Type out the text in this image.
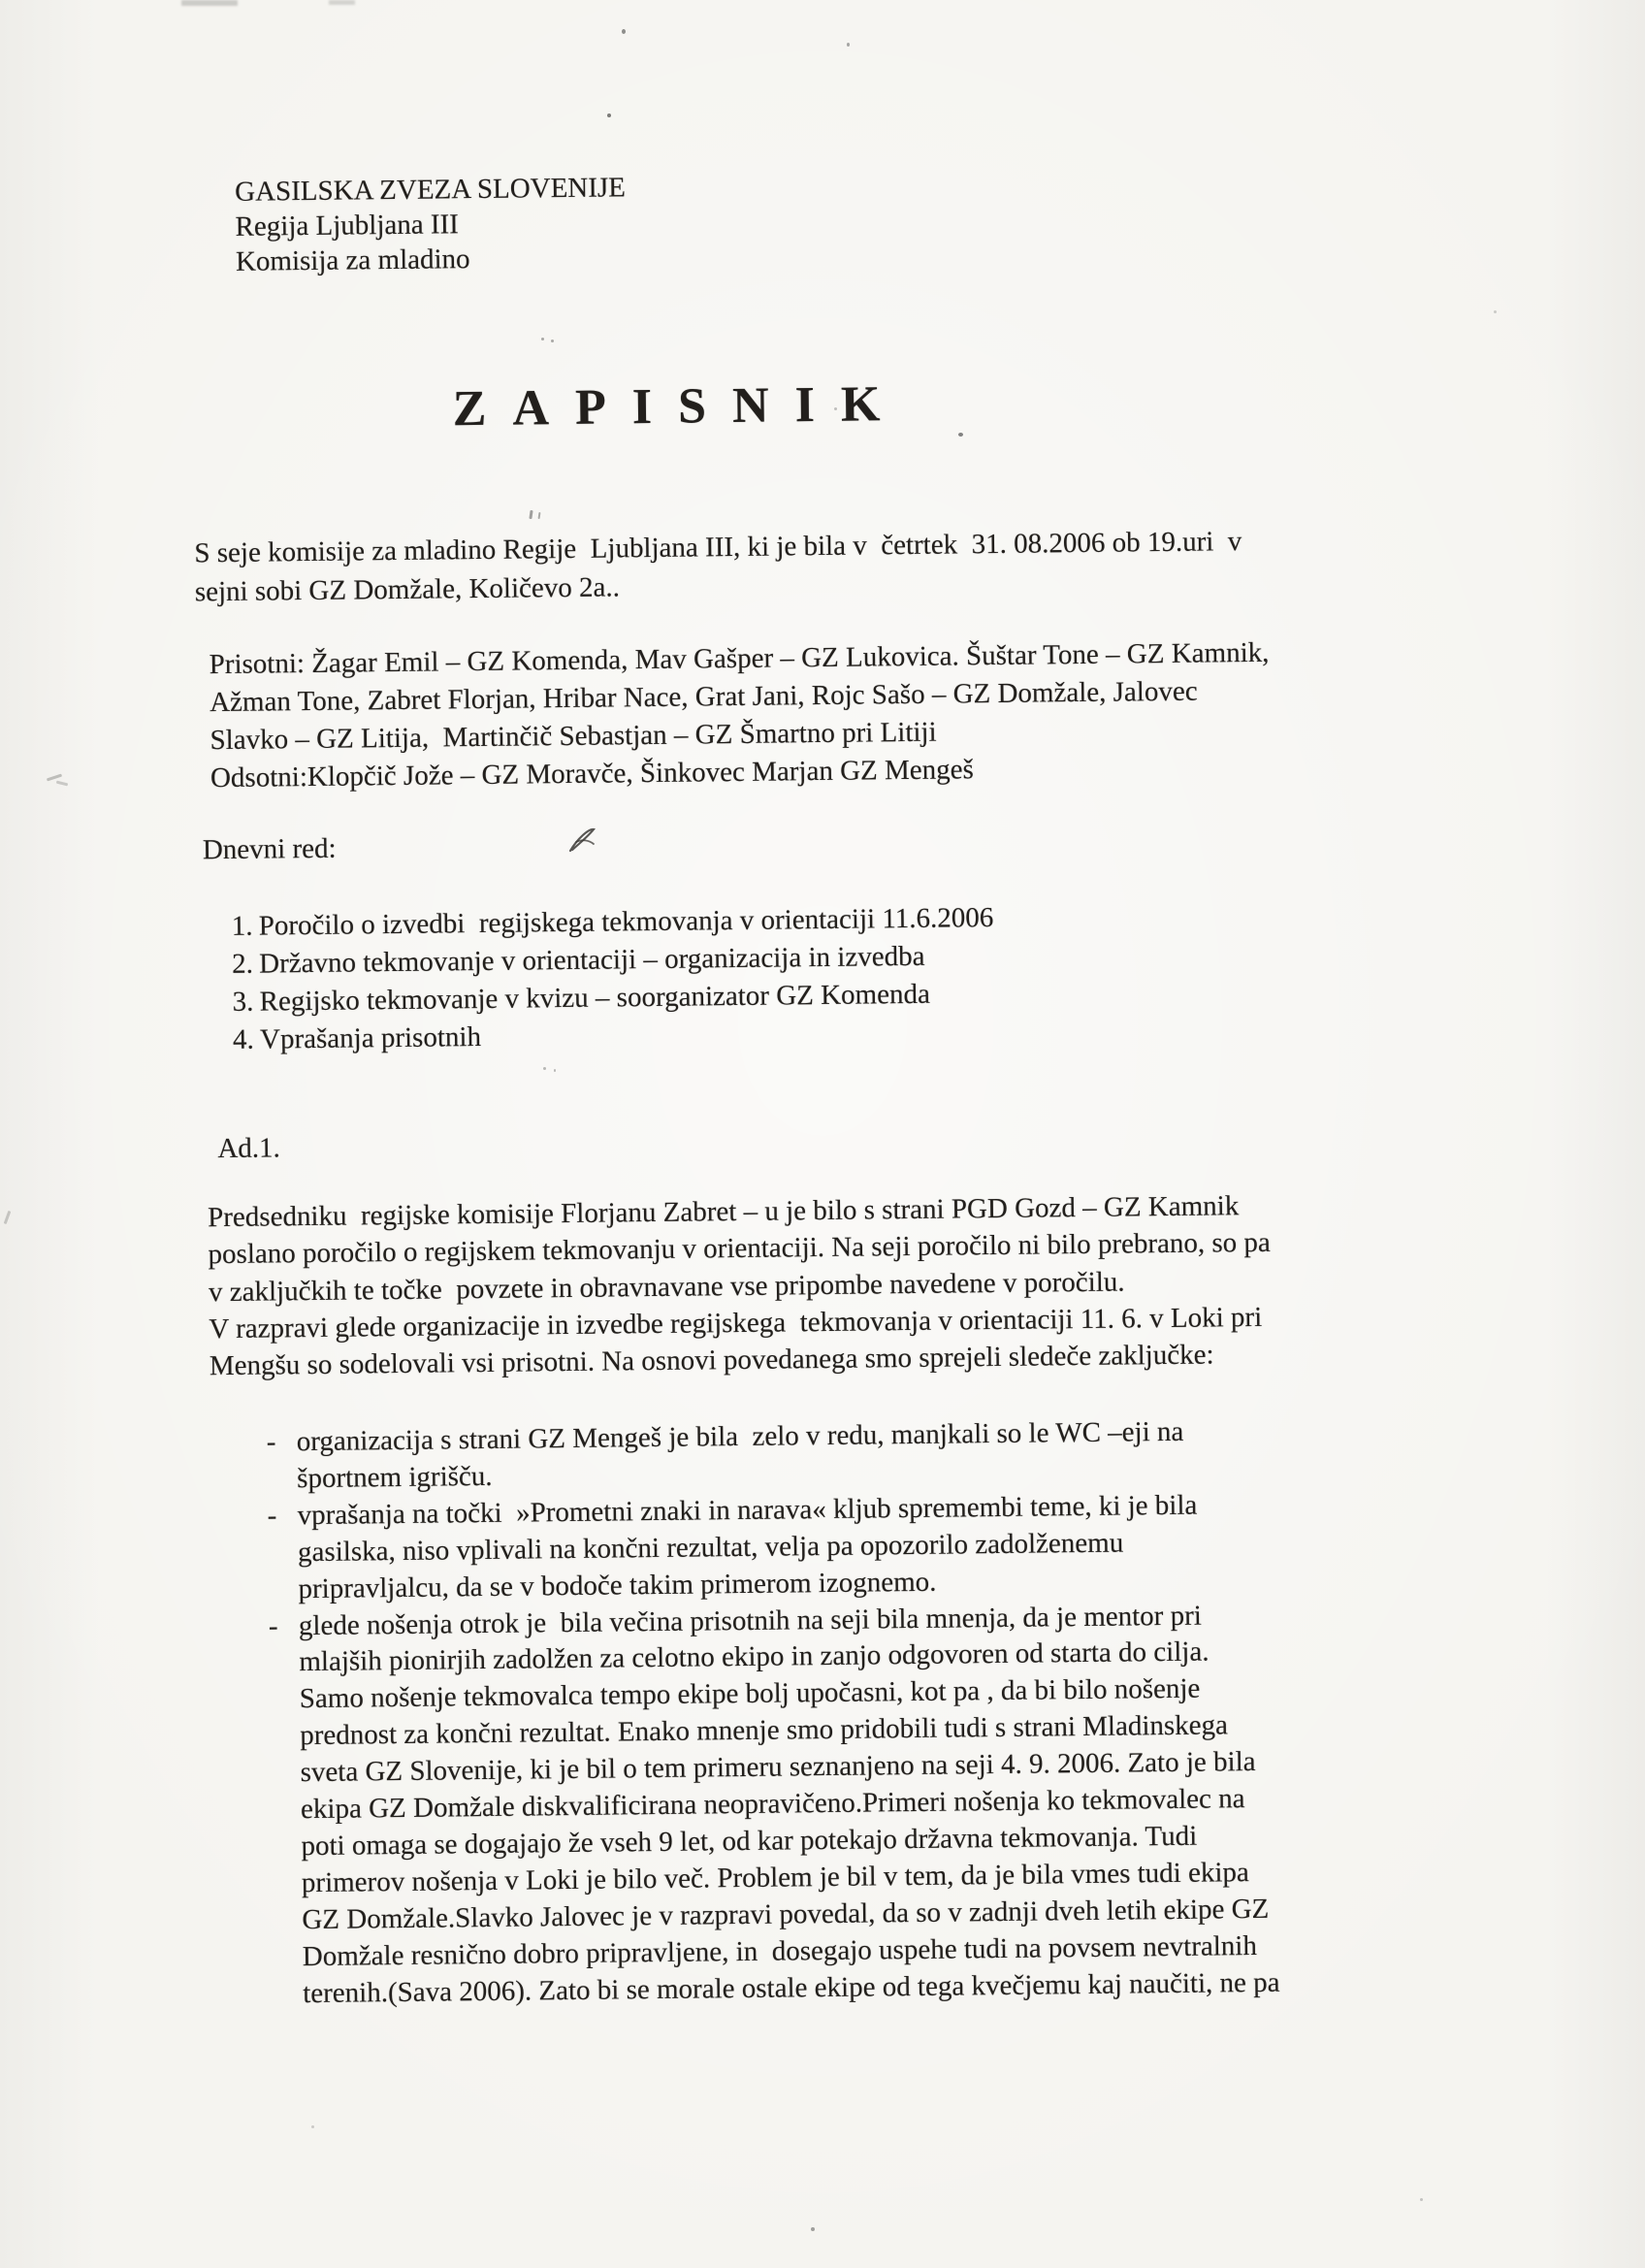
GASILSKA ZVEZA SLOVENIJE
Regija Ljubljana III
Komisija za mladino
ZAPISNIK
S seje komisije za mladino Regije  Ljubljana III, ki je bila v  četrtek  31. 08.2006 ob 19.uri  v
sejni sobi GZ Domžale, Količevo 2a..
Prisotni: Žagar Emil – GZ Komenda, Mav Gašper – GZ Lukovica. Šuštar Tone – GZ Kamnik,
Ažman Tone, Zabret Florjan, Hribar Nace, Grat Jani, Rojc Sašo – GZ Domžale, Jalovec
Slavko – GZ Litija,  Martinčič Sebastjan – GZ Šmartno pri Litiji
Odsotni:Klopčič Jože – GZ Moravče, Šinkovec Marjan GZ Mengeš
Dnevni red:
1. Poročilo o izvedbi  regijskega tekmovanja v orientaciji 11.6.2006
2. Državno tekmovanje v orientaciji – organizacija in izvedba
3. Regijsko tekmovanje v kvizu – soorganizator GZ Komenda
4. Vprašanja prisotnih
Ad.1.
Predsedniku  regijske komisije Florjanu Zabret – u je bilo s strani PGD Gozd – GZ Kamnik
poslano poročilo o regijskem tekmovanju v orientaciji. Na seji poročilo ni bilo prebrano, so pa
v zaključkih te točke  povzete in obravnavane vse pripombe navedene v poročilu.
V razpravi glede organizacije in izvedbe regijskega  tekmovanja v orientaciji 11. 6. v Loki pri
Mengšu so sodelovali vsi prisotni. Na osnovi povedanega smo sprejeli sledeče zaključke:
- organizacija s strani GZ Mengeš je bila  zelo v redu, manjkali so le WC –eji na
športnem igrišču.
- vprašanja na točki  »Prometni znaki in narava« kljub spremembi teme, ki je bila
gasilska, niso vplivali na končni rezultat, velja pa opozorilo zadolženemu
pripravljalcu, da se v bodoče takim primerom izognemo.
- glede nošenja otrok je  bila večina prisotnih na seji bila mnenja, da je mentor pri
mlajših pionirjih zadolžen za celotno ekipo in zanjo odgovoren od starta do cilja.
Samo nošenje tekmovalca tempo ekipe bolj upočasni, kot pa , da bi bilo nošenje
prednost za končni rezultat. Enako mnenje smo pridobili tudi s strani Mladinskega
sveta GZ Slovenije, ki je bil o tem primeru seznanjeno na seji 4. 9. 2006. Zato je bila
ekipa GZ Domžale diskvalificirana neopravičeno.Primeri nošenja ko tekmovalec na
poti omaga se dogajajo že vseh 9 let, od kar potekajo državna tekmovanja. Tudi
primerov nošenja v Loki je bilo več. Problem je bil v tem, da je bila vmes tudi ekipa
GZ Domžale.Slavko Jalovec je v razpravi povedal, da so v zadnji dveh letih ekipe GZ
Domžale resnično dobro pripravljene, in  dosegajo uspehe tudi na povsem nevtralnih
terenih.(Sava 2006). Zato bi se morale ostale ekipe od tega kvečjemu kaj naučiti, ne pa
